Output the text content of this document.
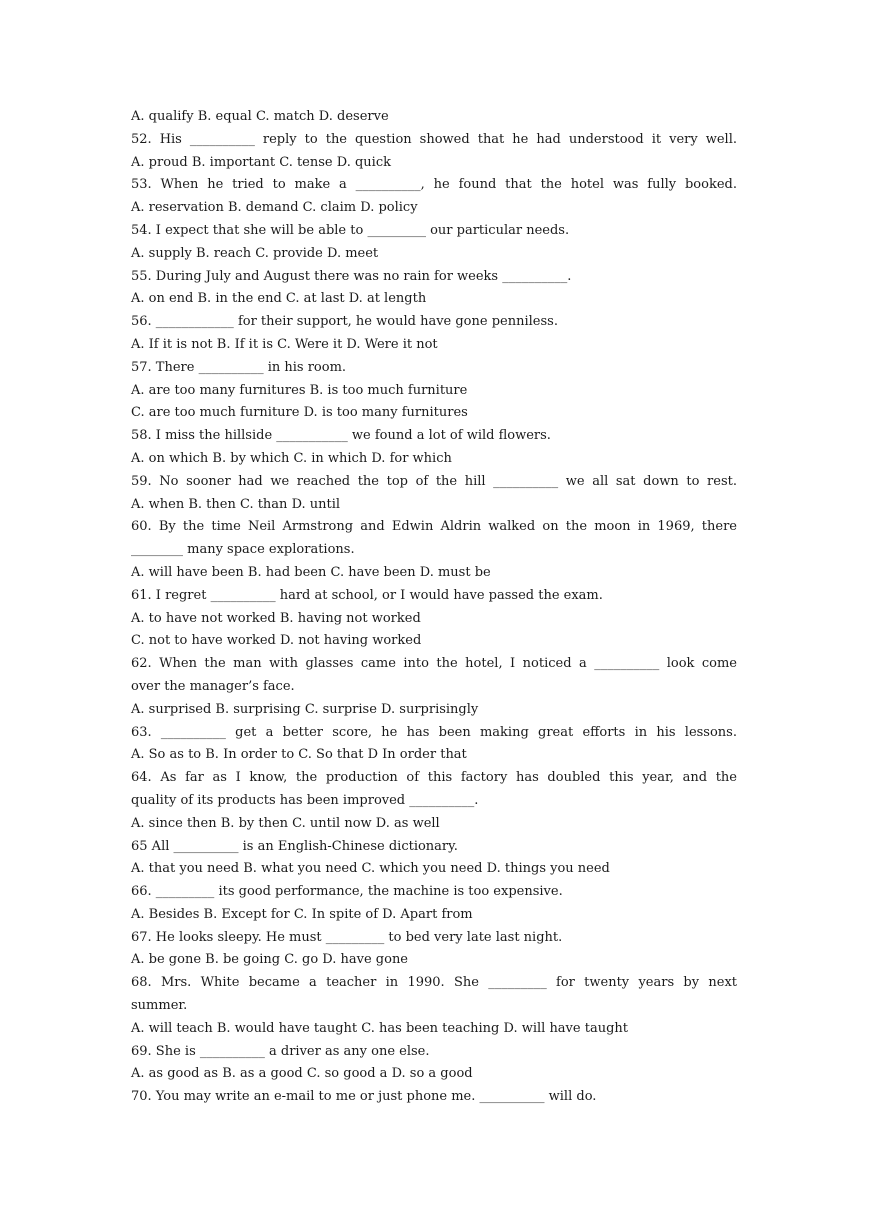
A. qualify B. equal C. match D. deserve
52. His __________ reply to the question showed that he had understood it very well.
A. proud B. important C. tense D. quick
53. When he tried to make a __________, he found that the hotel was fully booked.
A. reservation B. demand C. claim D. policy
54. I expect that she will be able to _________ our particular needs.
A. supply B. reach C. provide D. meet
55. During July and August there was no rain for weeks __________.
A. on end B. in the end C. at last D. at length
56. ____________ for their support, he would have gone penniless.
A. If it is not B. If it is C. Were it D. Were it not
57. There __________ in his room.
A. are too many furnitures B. is too much furniture
C. are too much furniture D. is too many furnitures
58. I miss the hillside ___________ we found a lot of wild flowers.
A. on which B. by which C. in which D. for which
59. No sooner had we reached the top of the hill __________ we all sat down to rest.
A. when B. then C. than D. until
60. By the time Neil Armstrong and Edwin Aldrin walked on the moon in 1969, there
________ many space explorations.
A. will have been B. had been C. have been D. must be
61. I regret __________ hard at school, or I would have passed the exam.
A. to have not worked B. having not worked
C. not to have worked D. not having worked
62. When the man with glasses came into the hotel, I noticed a __________ look come
over the manager’s face.
A. surprised B. surprising C. surprise D. surprisingly
63. __________ get a better score, he has been making great efforts in his lessons.
A. So as to B. In order to C. So that D In order that
64. As far as I know, the production of this factory has doubled this year, and the
quality of its products has been improved __________.
A. since then B. by then C. until now D. as well
65 All __________ is an English-Chinese dictionary.
A. that you need B. what you need C. which you need D. things you need
66. _________ its good performance, the machine is too expensive.
A. Besides B. Except for C. In spite of D. Apart from
67. He looks sleepy. He must _________ to bed very late last night.
A. be gone B. be going C. go D. have gone
68. Mrs. White became a teacher in 1990. She _________ for twenty years by next
summer.
A. will teach B. would have taught C. has been teaching D. will have taught
69. She is __________ a driver as any one else.
A. as good as B. as a good C. so good a D. so a good
70. You may write an e-mail to me or just phone me. __________ will do.
